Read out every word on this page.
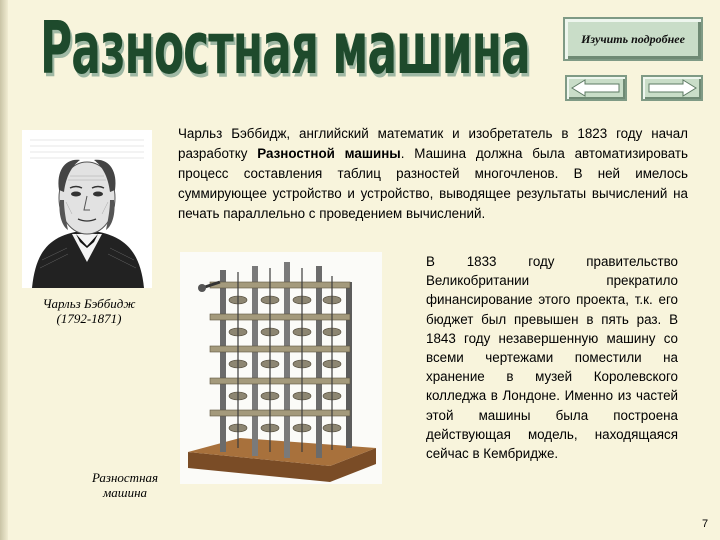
Разностная машина	Изучить подробнее
Чарльз Бэббидж
(1792-1871)
Чарльз Бэббидж, английский математик и изобретатель в 1823 году начал разработку Разностной машины. Машина должна была автоматизировать процесс составления таблиц разностей многочленов. В ней имелось суммирующее устройство и устройство, выводящее результаты вычислений на печать параллельно с проведением вычислений.
Разностная машина
В 1833 году правительство Великобритании прекратило финансирование этого проекта, т.к. его бюджет был превышен в пять раз. В 1843 году незавершенную машину со всеми чертежами поместили на хранение в музей Королевского колледжа в Лондоне. Именно из частей этой машины была построена действующая модель, находящаяся сейчас в Кембридже.
7
